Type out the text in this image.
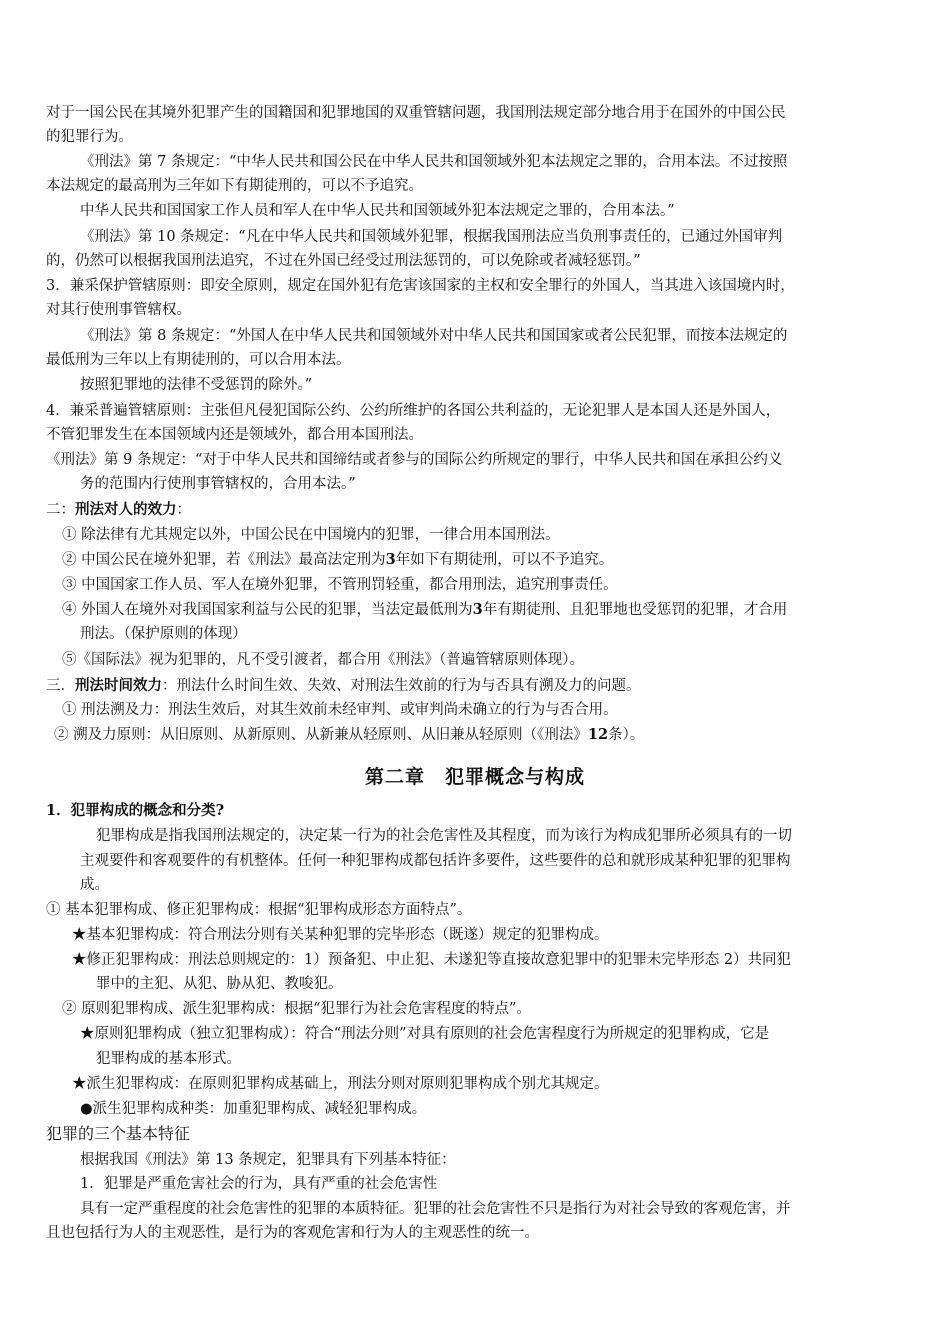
对于一国公民在其境外犯罪产生的国籍国和犯罪地国的双重管辖问题，我国刑法规定部分地合用于在国外的中国公民

的犯罪行为。

《刑法》第 7 条规定：“中华人民共和国公民在中华人民共和国领域外犯本法规定之罪的，合用本法。不过按照

本法规定的最高刑为三年如下有期徒刑的，可以不予追究。

中华人民共和国国家工作人员和军人在中华人民共和国领域外犯本法规定之罪的，合用本法。”

《刑法》第 10 条规定：“凡在中华人民共和国领域外犯罪，根据我国刑法应当负刑事责任的，已通过外国审判

的，仍然可以根据我国刑法追究，不过在外国已经受过刑法惩罚的，可以免除或者减轻惩罚。”

3．兼采保护管辖原则：即安全原则，规定在国外犯有危害该国家的主权和安全罪行的外国人，当其进入该国境内时，

对其行使刑事管辖权。

《刑法》第 8 条规定：“外国人在中华人民共和国领域外对中华人民共和国国家或者公民犯罪，而按本法规定的

最低刑为三年以上有期徒刑的，可以合用本法。

按照犯罪地的法律不受惩罚的除外。”

4．兼采普遍管辖原则：主张但凡侵犯国际公约、公约所维护的各国公共利益的，无论犯罪人是本国人还是外国人，

不管犯罪发生在本国领域内还是领域外，都合用本国刑法。

《刑法》第 9 条规定：“对于中华人民共和国缔结或者参与的国际公约所规定的罪行，中华人民共和国在承担公约义

务的范围内行使刑事管辖权的，合用本法。”

二：刑法对人的效力：

① 除法律有尤其规定以外，中国公民在中国境内的犯罪，一律合用本国刑法。

② 中国公民在境外犯罪，若《刑法》最高法定刑为3年如下有期徒刑，可以不予追究。

③ 中国国家工作人员、军人在境外犯罪，不管刑罚轻重，都合用刑法，追究刑事责任。

④ 外国人在境外对我国国家利益与公民的犯罪，当法定最低刑为3年有期徒刑、且犯罪地也受惩罚的犯罪，才合用

刑法。（保护原则的体现）

⑤《国际法》视为犯罪的，凡不受引渡者，都合用《刑法》（普遍管辖原则体现）。

三．刑法时间效力：刑法什么时间生效、失效、对刑法生效前的行为与否具有溯及力的问题。

① 刑法溯及力：刑法生效后，对其生效前未经审判、或审判尚未确立的行为与否合用。

② 溯及力原则：从旧原则、从新原则、从新兼从轻原则、从旧兼从轻原则（《刑法》12条）。

第二章　犯罪概念与构成

1．犯罪构成的概念和分类?

犯罪构成是指我国刑法规定的，决定某一行为的社会危害性及其程度，而为该行为构成犯罪所必须具有的一切

主观要件和客观要件的有机整体。任何一种犯罪构成都包括许多要件，这些要件的总和就形成某种犯罪的犯罪构

成。

① 基本犯罪构成、修正犯罪构成：根据“犯罪构成形态方面特点”。

★基本犯罪构成：符合刑法分则有关某种犯罪的完毕形态（既遂）规定的犯罪构成。

★修正犯罪构成：刑法总则规定的：1）预备犯、中止犯、未遂犯等直接故意犯罪中的犯罪未完毕形态 2）共同犯

罪中的主犯、从犯、胁从犯、教唆犯。

② 原则犯罪构成、派生犯罪构成：根据“犯罪行为社会危害程度的特点”。

★原则犯罪构成（独立犯罪构成）：符合“刑法分则”对具有原则的社会危害程度行为所规定的犯罪构成，它是

犯罪构成的基本形式。

★派生犯罪构成：在原则犯罪构成基础上，刑法分则对原则犯罪构成个别尤其规定。

●派生犯罪构成种类：加重犯罪构成、减轻犯罪构成。

犯罪的三个基本特征

根据我国《刑法》第 13 条规定，犯罪具有下列基本特征：

1．犯罪是严重危害社会的行为，具有严重的社会危害性

具有一定严重程度的社会危害性的犯罪的本质特征。犯罪的社会危害性不只是指行为对社会导致的客观危害，并

且也包括行为人的主观恶性，是行为的客观危害和行为人的主观恶性的统一。
